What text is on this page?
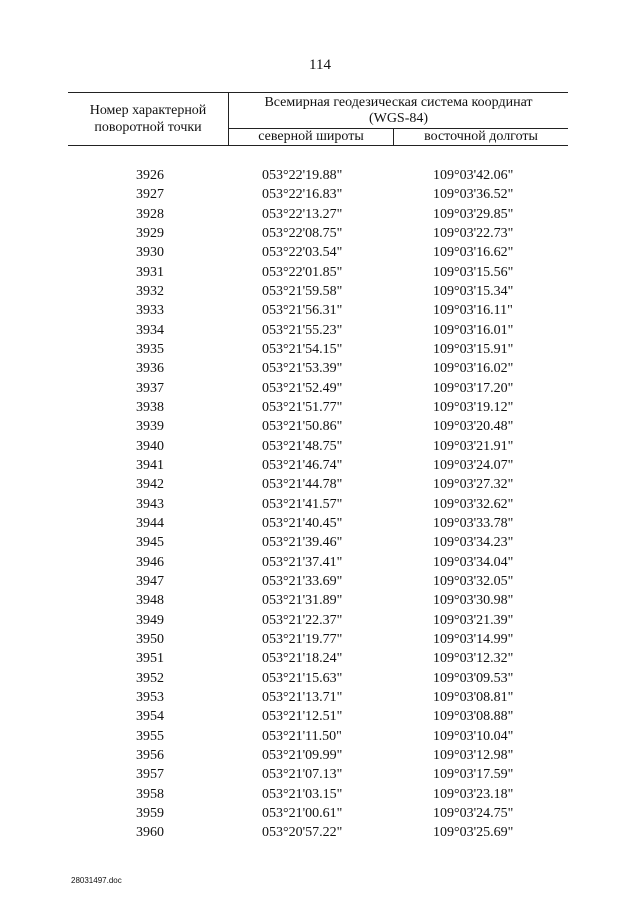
114
Номер характерной
поворотной точки
Всемирная геодезическая система координат
(WGS-84)
северной широты	восточной долготы
3926	053°22'19.88"	109°03'42.06"
3927	053°22'16.83"	109°03'36.52"
3928	053°22'13.27"	109°03'29.85"
3929	053°22'08.75"	109°03'22.73"
3930	053°22'03.54"	109°03'16.62"
3931	053°22'01.85"	109°03'15.56"
3932	053°21'59.58"	109°03'15.34"
3933	053°21'56.31"	109°03'16.11"
3934	053°21'55.23"	109°03'16.01"
3935	053°21'54.15"	109°03'15.91"
3936	053°21'53.39"	109°03'16.02"
3937	053°21'52.49"	109°03'17.20"
3938	053°21'51.77"	109°03'19.12"
3939	053°21'50.86"	109°03'20.48"
3940	053°21'48.75"	109°03'21.91"
3941	053°21'46.74"	109°03'24.07"
3942	053°21'44.78"	109°03'27.32"
3943	053°21'41.57"	109°03'32.62"
3944	053°21'40.45"	109°03'33.78"
3945	053°21'39.46"	109°03'34.23"
3946	053°21'37.41"	109°03'34.04"
3947	053°21'33.69"	109°03'32.05"
3948	053°21'31.89"	109°03'30.98"
3949	053°21'22.37"	109°03'21.39"
3950	053°21'19.77"	109°03'14.99"
3951	053°21'18.24"	109°03'12.32"
3952	053°21'15.63"	109°03'09.53"
3953	053°21'13.71"	109°03'08.81"
3954	053°21'12.51"	109°03'08.88"
3955	053°21'11.50"	109°03'10.04"
3956	053°21'09.99"	109°03'12.98"
3957	053°21'07.13"	109°03'17.59"
3958	053°21'03.15"	109°03'23.18"
3959	053°21'00.61"	109°03'24.75"
3960	053°20'57.22"	109°03'25.69"
28031497.doc
